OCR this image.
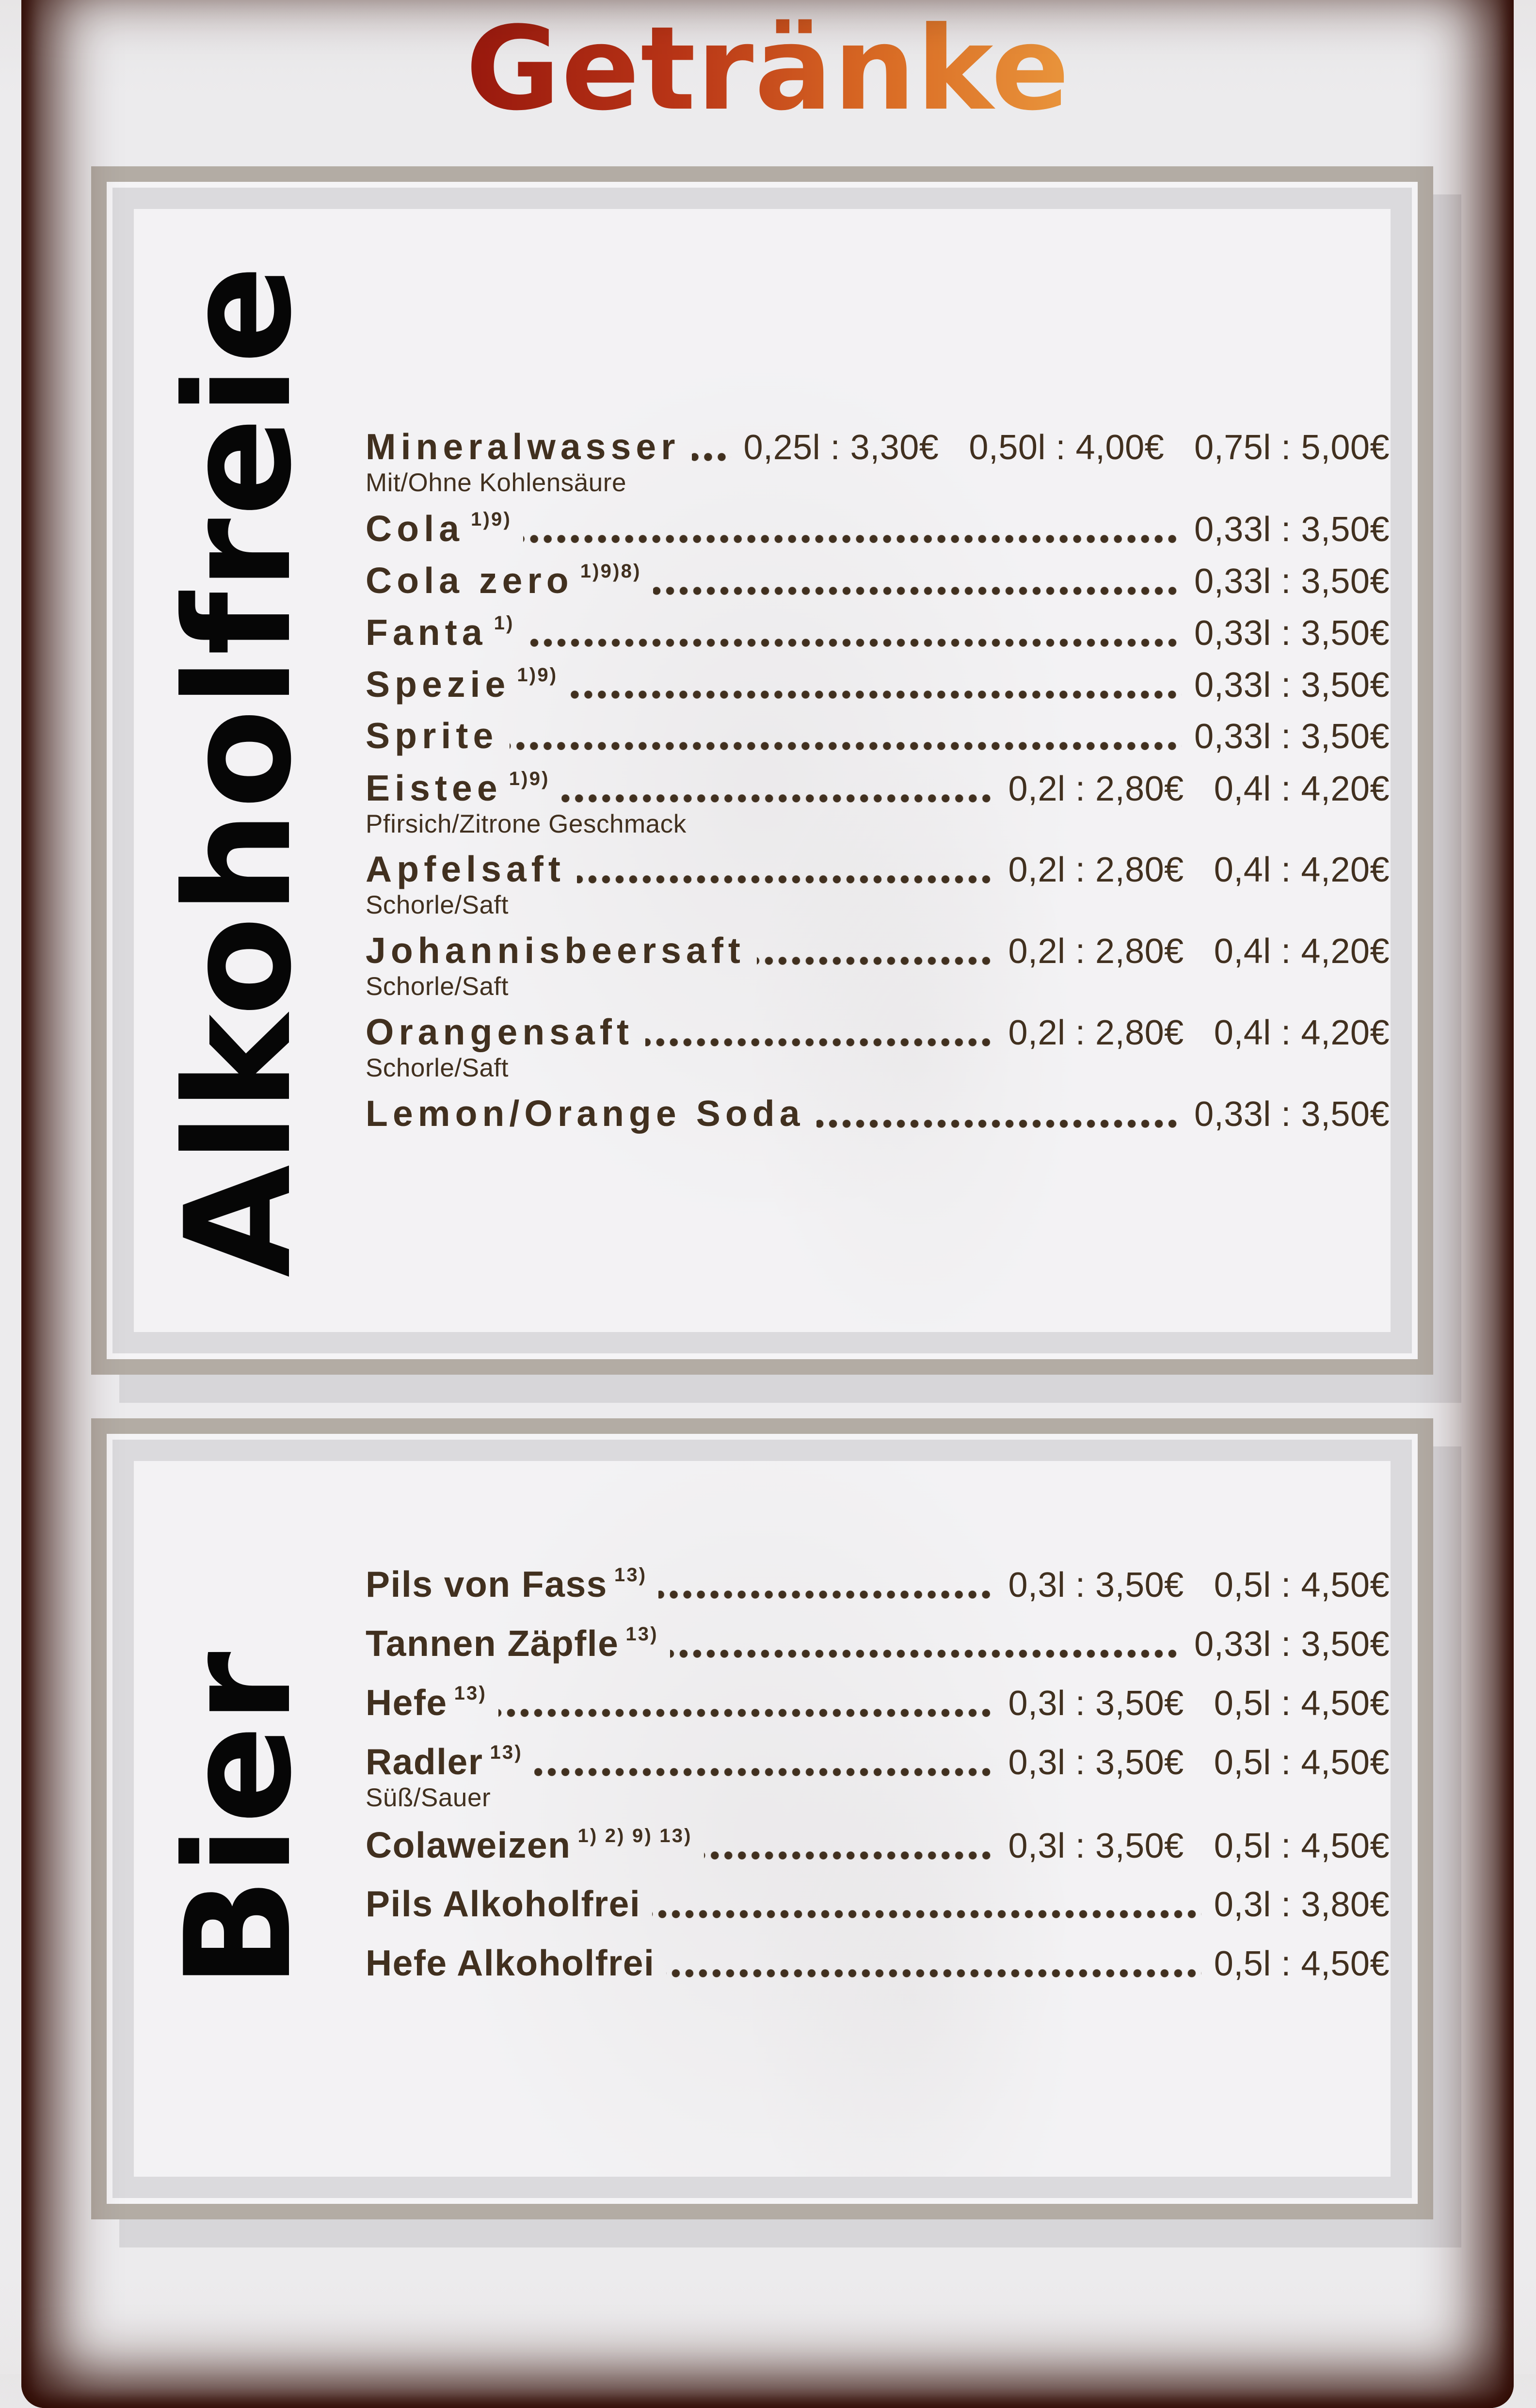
Getränke
Alkoholfreie Mineralwasser 0,25l : 3,30€ 0,50l : 4,00€ 0,75l : 5,00€
Mit/Ohne Kohlensäure
Cola $^{1)9)}$	0,33l : 3,50€
Cola zero $^{1)9)8)}$	0,33l : 3,50€
Fanta $^{1)}$	0,33l : 3,50€
Spezie $^{1)9)}$	0,33l : 3,50€
Sprite	0,33l : 3,50€
Eistee $^{1)9)}$	0,2l : 2,80€ 0,4l : 4,20€
Pfirsich/Zitrone Geschmack
Apfelsaft	0,2l : 2,80€ 0,4l : 4,20€
Schorle/Saft
Johannisbeersaft	0,2l : 2,80€ 0,4l : 4,20€
Schorle/Saft
Orangensaft	0,2l : 2,80€ 0,4l : 4,20€
Schorle/Saft
Lemon/Orange Soda	0,33l : 3,50€
Bier
Pils von Fass $^{13)}$	0,3l : 3,50€ 0,5l : 4,50€
Tannen Zäpfle $^{13)}$	0,33l : 3,50€
Hefe $^{13)}$	0,3l : 3,50€ 0,5l : 4,50€
Radler $^{13)}$	0,3l : 3,50€ 0,5l : 4,50€
Süß/Sauer
Colaweizen $^{1) 2) 9) 13)}$	0,3l : 3,50€ 0,5l : 4,50€
Pils Alkoholfrei	0,3l : 3,80€
Hefe Alkoholfrei	0,5l : 4,50€
